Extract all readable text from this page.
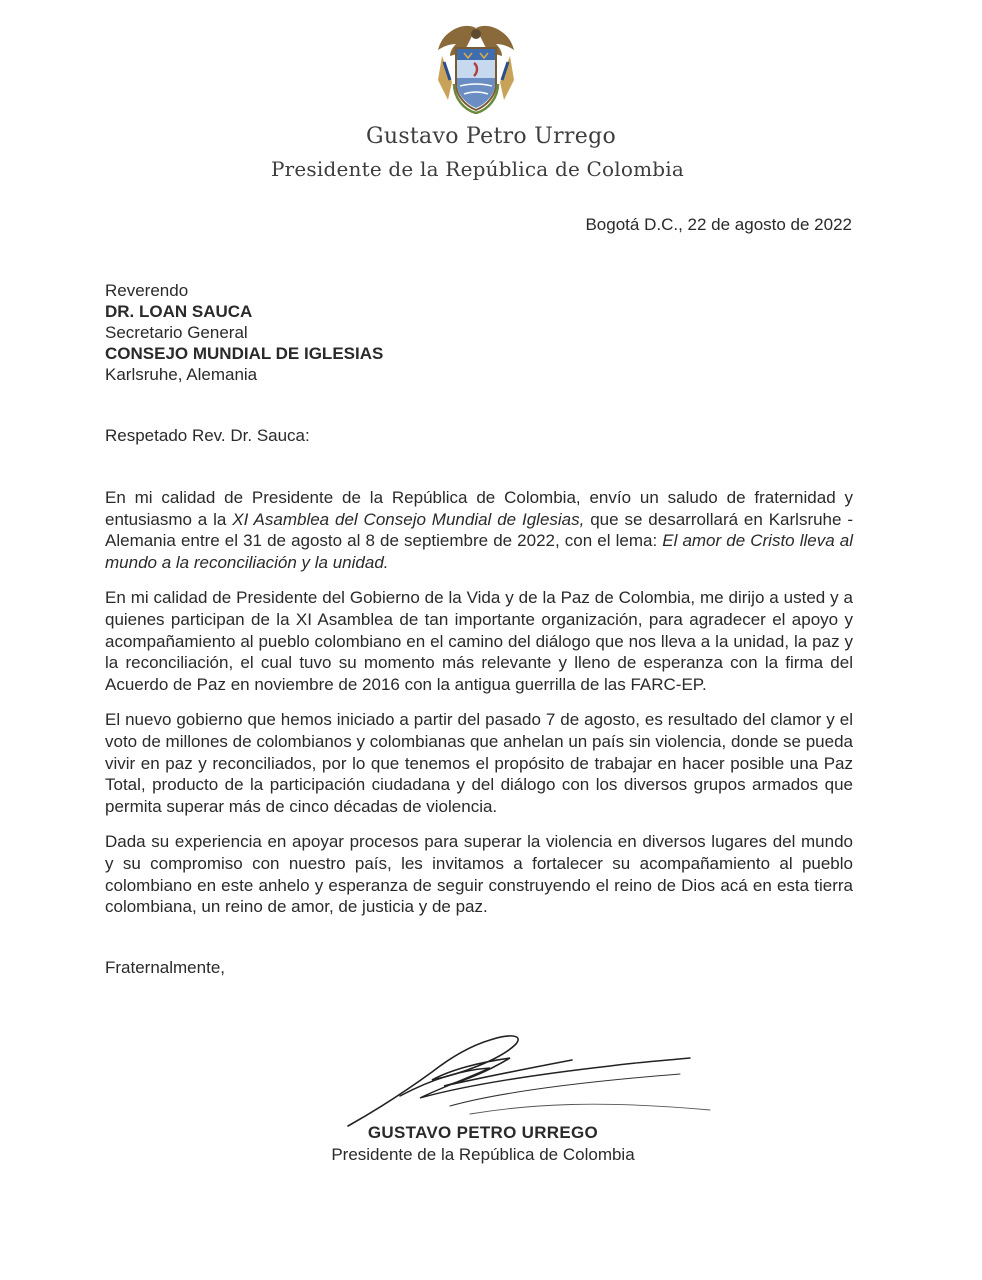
Gustavo Petro Urrego
Presidente de la República de Colombia
Bogotá D.C., 22 de agosto de 2022
Reverendo
DR. LOAN SAUCA
Secretario General
CONSEJO MUNDIAL DE IGLESIAS
Karlsruhe, Alemania
Respetado Rev. Dr. Sauca:

En mi calidad de Presidente de la República de Colombia, envío un saludo de fraternidad y entusiasmo a la XI Asamblea del Consejo Mundial de Iglesias, que se desarrollará en Karlsruhe - Alemania entre el 31 de agosto al 8 de septiembre de 2022, con el lema: El amor de Cristo lleva al mundo a la reconciliación y la unidad.

En mi calidad de Presidente del Gobierno de la Vida y de la Paz de Colombia, me dirijo a usted y a quienes participan de la XI Asamblea de tan importante organización, para agradecer el apoyo y acompañamiento al pueblo colombiano en el camino del diálogo que nos lleva a la unidad, la paz y la reconciliación, el cual tuvo su momento más relevante y lleno de esperanza con la firma del Acuerdo de Paz en noviembre de 2016 con la antigua guerrilla de las FARC-EP.

El nuevo gobierno que hemos iniciado a partir del pasado 7 de agosto, es resultado del clamor y el voto de millones de colombianos y colombianas que anhelan un país sin violencia, donde se pueda vivir en paz y reconciliados, por lo que tenemos el propósito de trabajar en hacer posible una Paz Total, producto de la participación ciudadana y del diálogo con los diversos grupos armados que permita superar más de cinco décadas de violencia.

Dada su experiencia en apoyar procesos para superar la violencia en diversos lugares del mundo y su compromiso con nuestro país, les invitamos a fortalecer su acompañamiento al pueblo colombiano en este anhelo y esperanza de seguir construyendo el reino de Dios acá en esta tierra colombiana, un reino de amor, de justicia y de paz.

Fraternalmente,
GUSTAVO PETRO URREGO
Presidente de la República de Colombia
